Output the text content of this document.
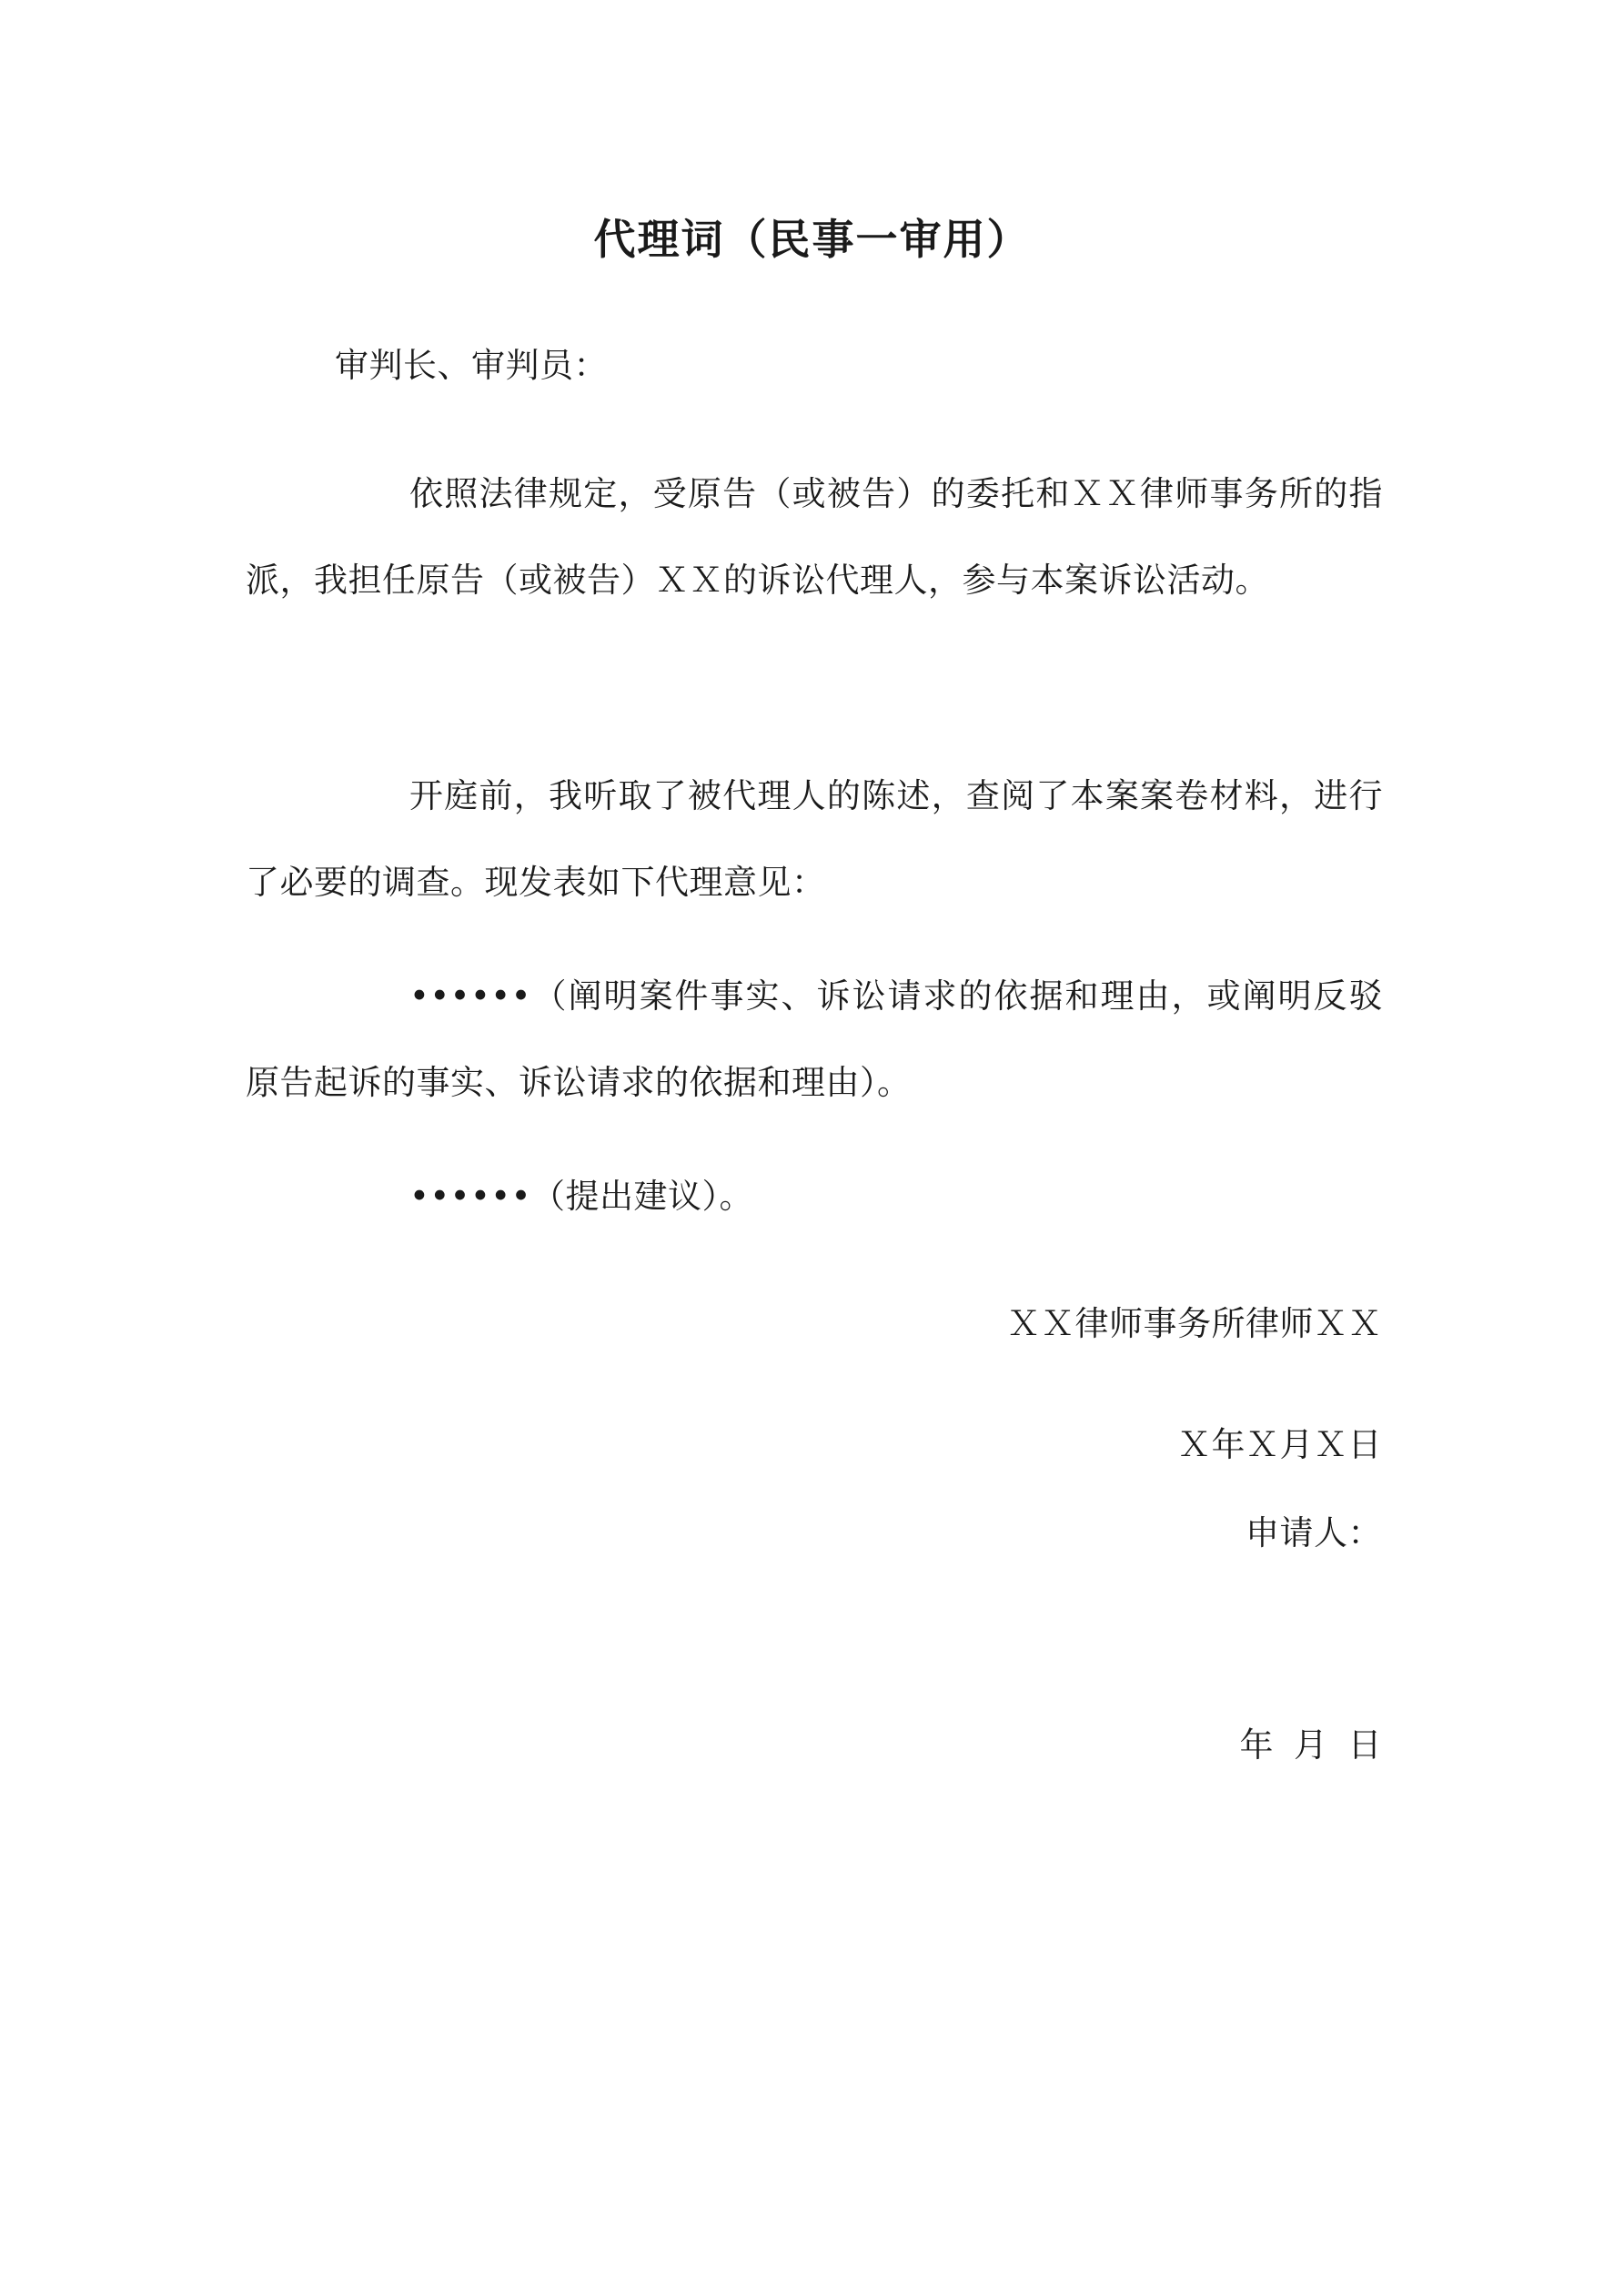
代理词（民事一审用）

审判长、审判员：

依照法律规定，受原告（或被告）的委托和ＸＸ律师事务所的指派，我担任原告（或被告）ＸＸ的诉讼代理人，参与本案诉讼活动。

开庭前，我听取了被代理人的陈述，查阅了本案案卷材料，进行了必要的调查。现发表如下代理意见：

••••••（阐明案件事实、诉讼请求的依据和理由，或阐明反驳原告起诉的事实、诉讼请求的依据和理由）。

••••••（提出建议）。

ＸＸ律师事务所律师ＸＸ
Ｘ年Ｘ月Ｘ日
申请人：
年 月 日
